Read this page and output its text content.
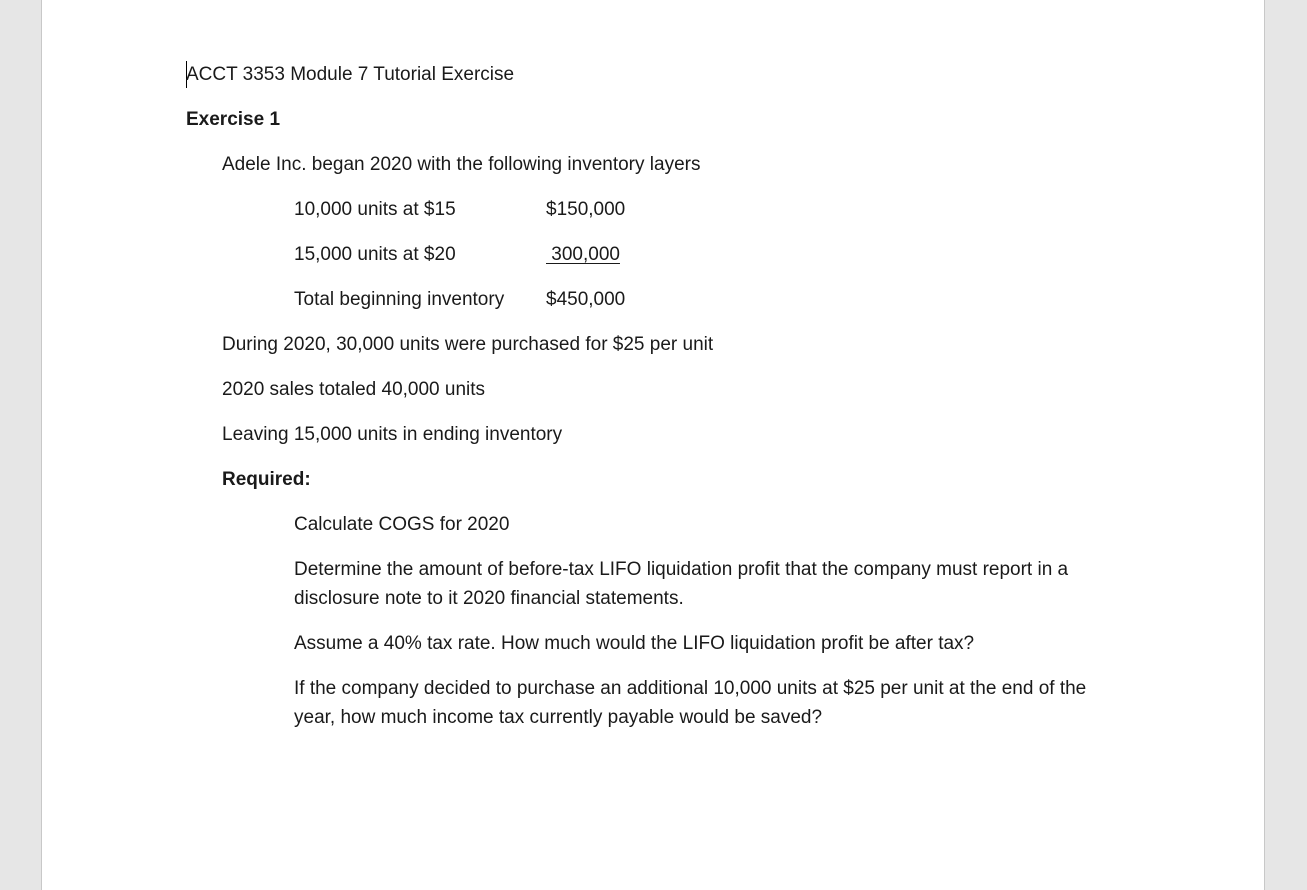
ACCT 3353 Module 7 Tutorial Exercise
Exercise 1
Adele Inc. began 2020 with the following inventory layers
10,000 units at $15	$150,000
15,000 units at $20	300,000
Total beginning inventory $450,000
During 2020, 30,000 units were purchased for $25 per unit
2020 sales totaled 40,000 units
Leaving 15,000 units in ending inventory
Required:
Calculate COGS for 2020
Determine the amount of before-tax LIFO liquidation profit that the company must report in a disclosure note to it 2020 financial statements.
Assume a 40% tax rate. How much would the LIFO liquidation profit be after tax?
If the company decided to purchase an additional 10,000 units at $25 per unit at the end of the year, how much income tax currently payable would be saved?
